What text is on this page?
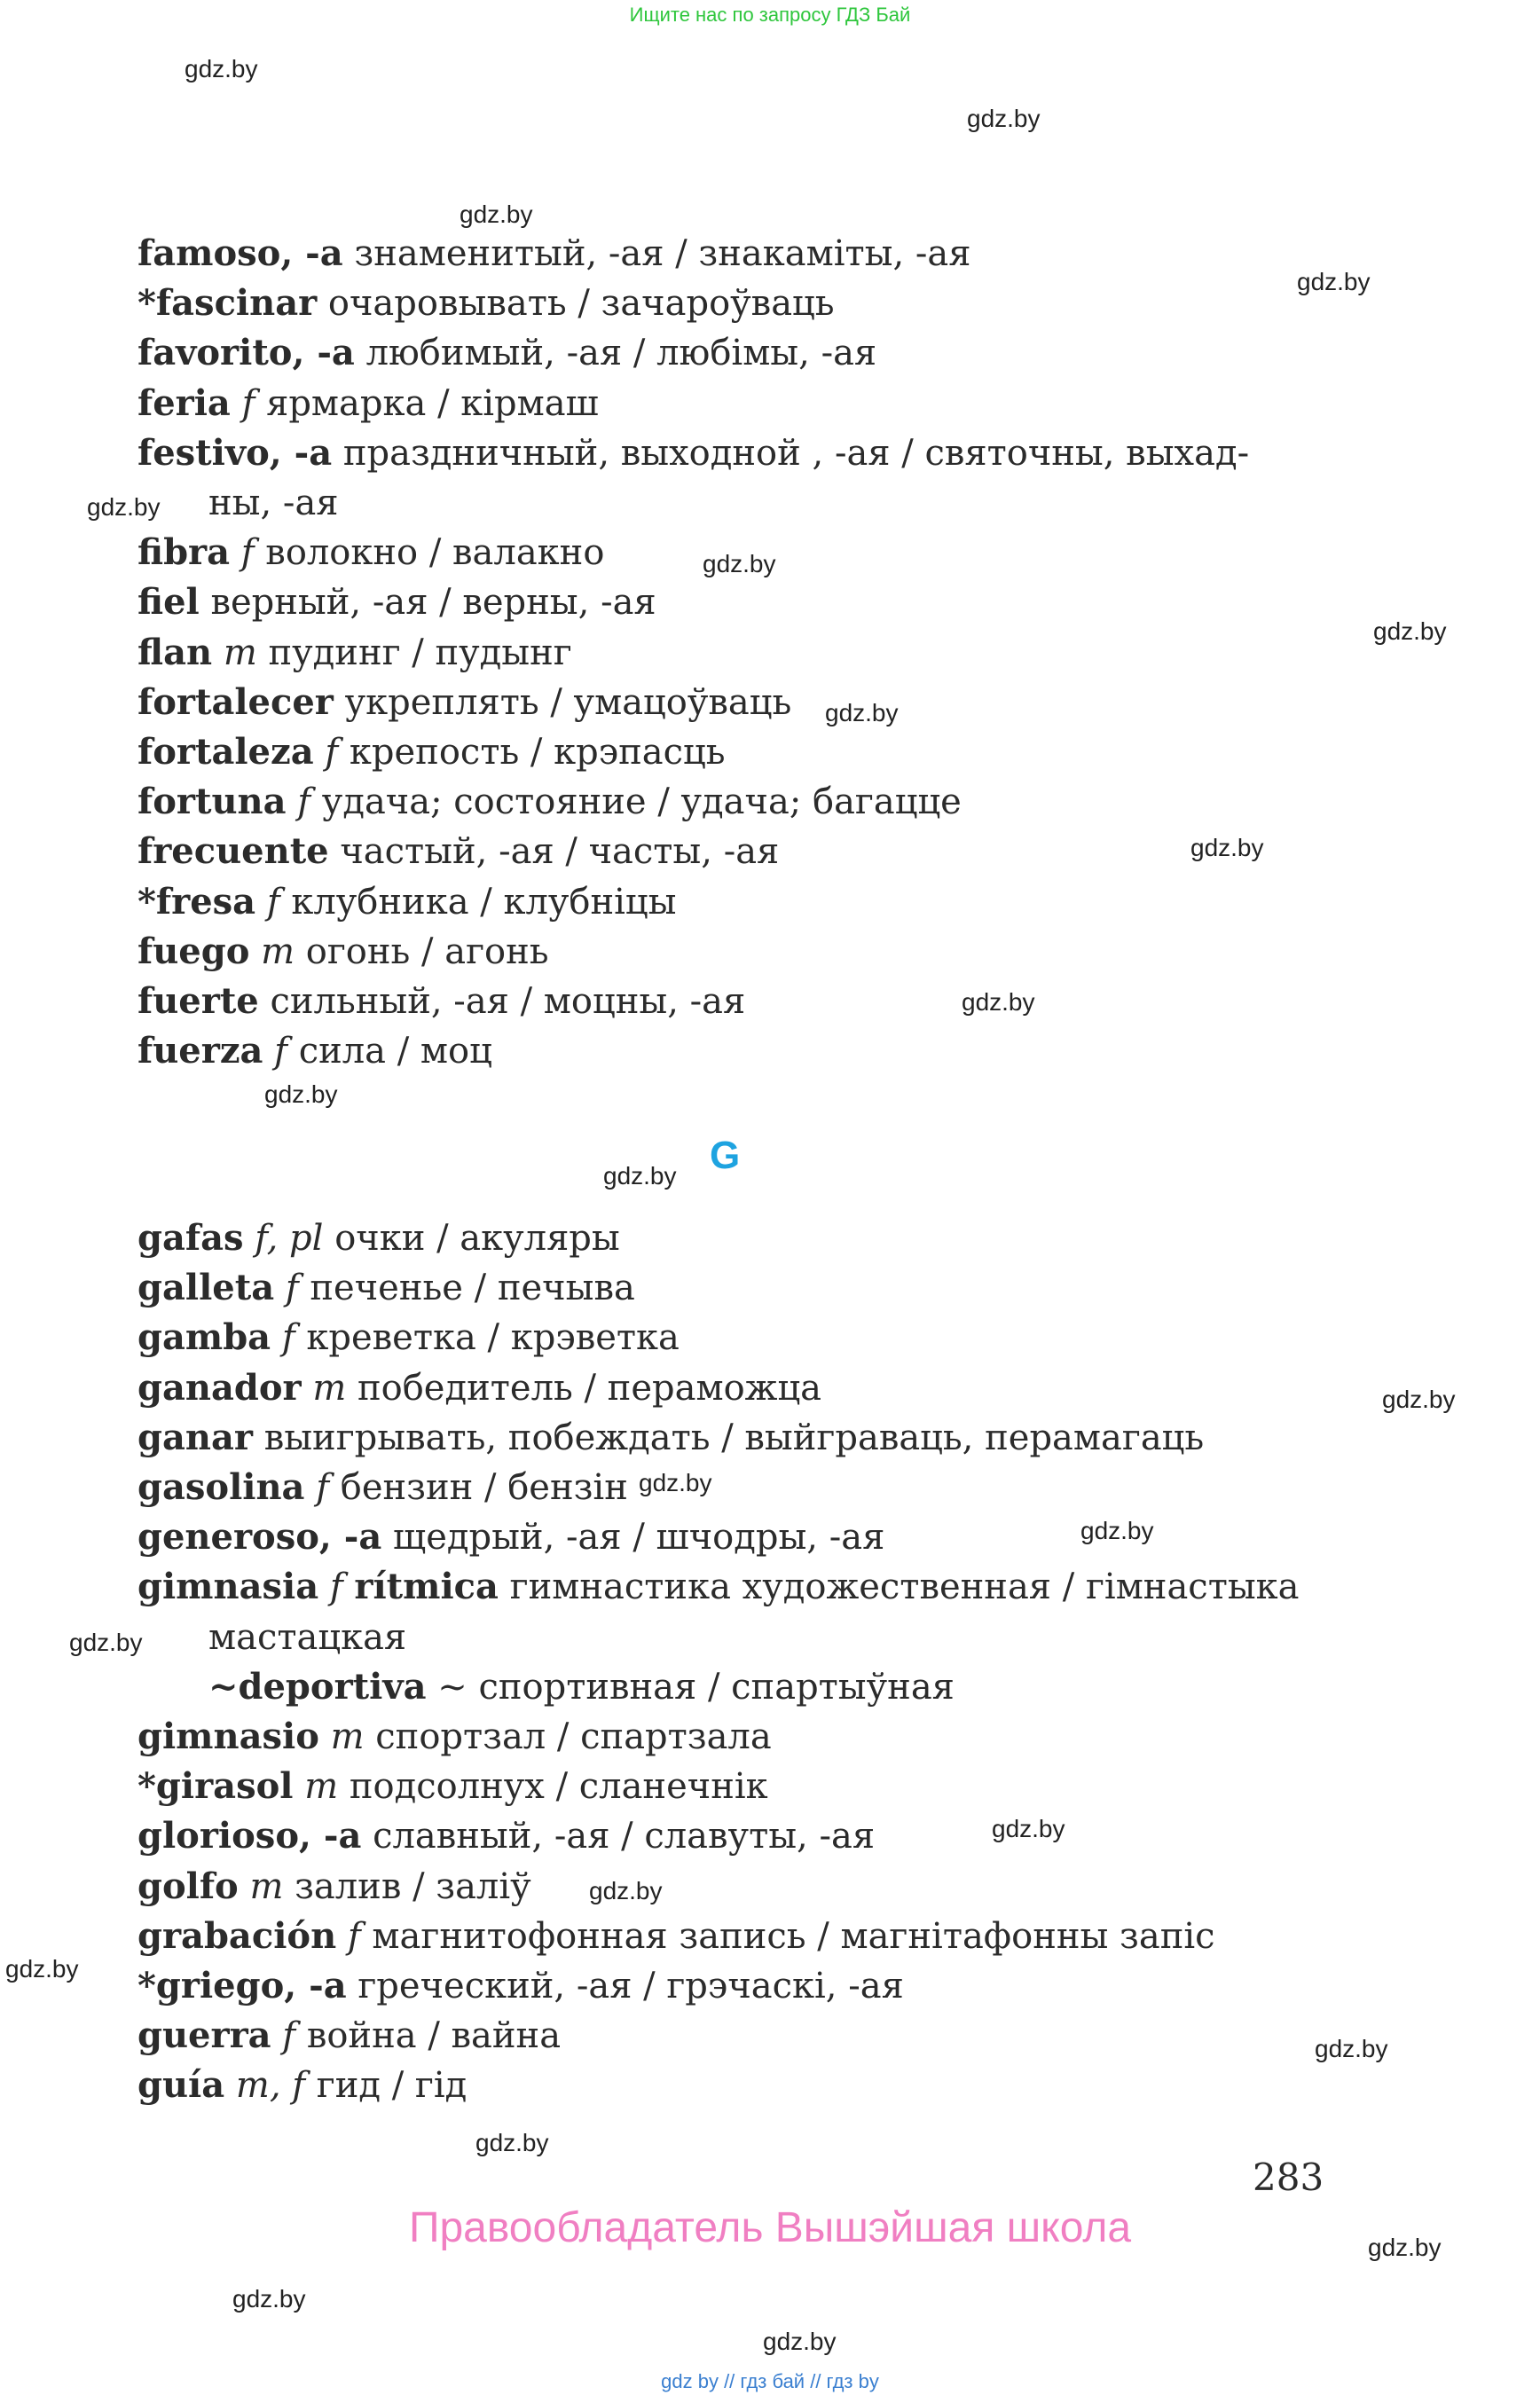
Ищите нас по запросу ГДЗ Бай
gdz.by
gdz.by
gdz.by
gdz.by
gdz.by
gdz.by
gdz.by
gdz.by
gdz.by
gdz.by
gdz.by
gdz.by
gdz.by
gdz.by
gdz.by
gdz.by
gdz.by
gdz.by
gdz.by
gdz.by
gdz.by
gdz.by
gdz.by
gdz.by
famoso, -a знаменитый, -ая / знакаміты, -ая
*fascinar очаровывать / зачароўваць
favorito, -a любимый, -ая / любімы, -ая
feria f ярмарка / кірмаш
festivo, -a праздничный, выходной , -ая / святочны, выхад-
ны, -ая
fibra f волокно / валакно
fiel верный, -ая / верны, -ая
flan m пудинг / пудынг
fortalecer укреплять / умацоўваць
fortaleza f крепость / крэпасць
fortuna f удача; состояние / удача; багацце
frecuente частый, -ая / часты, -ая
*fresa f клубника / клубніцы
fuego m огонь / агонь
fuerte сильный, -ая / моцны, -ая
fuerza f сила / моц
G
gafas f, pl очки / акуляры
galleta f печенье / печыва
gamba f креветка / крэветка
ganador m победитель / пераможца
ganar выигрывать, побеждать / выйграваць, перамагаць
gasolina f бензин / бензін
generoso, -a щедрый, -ая / шчодры, -ая
gimnasia f rítmica гимнастика художественная / гімнастыка
мастацкая
~deportiva ~ спортивная / спартыўная
gimnasio m спортзал / спартзала
*girasol m подсолнух / сланечнік
glorioso, -a славный, -ая / славуты, -ая
golfo m залив / заліў
grabación f магнитофонная запись / магнітафонны запіс
*griego, -a греческий, -ая / грэчаскі, -ая
guerra f война / вайна
guía m, f гид / гід
283
Правообладатель Вышэйшая школа
gdz by // гдз бай // гдз by
